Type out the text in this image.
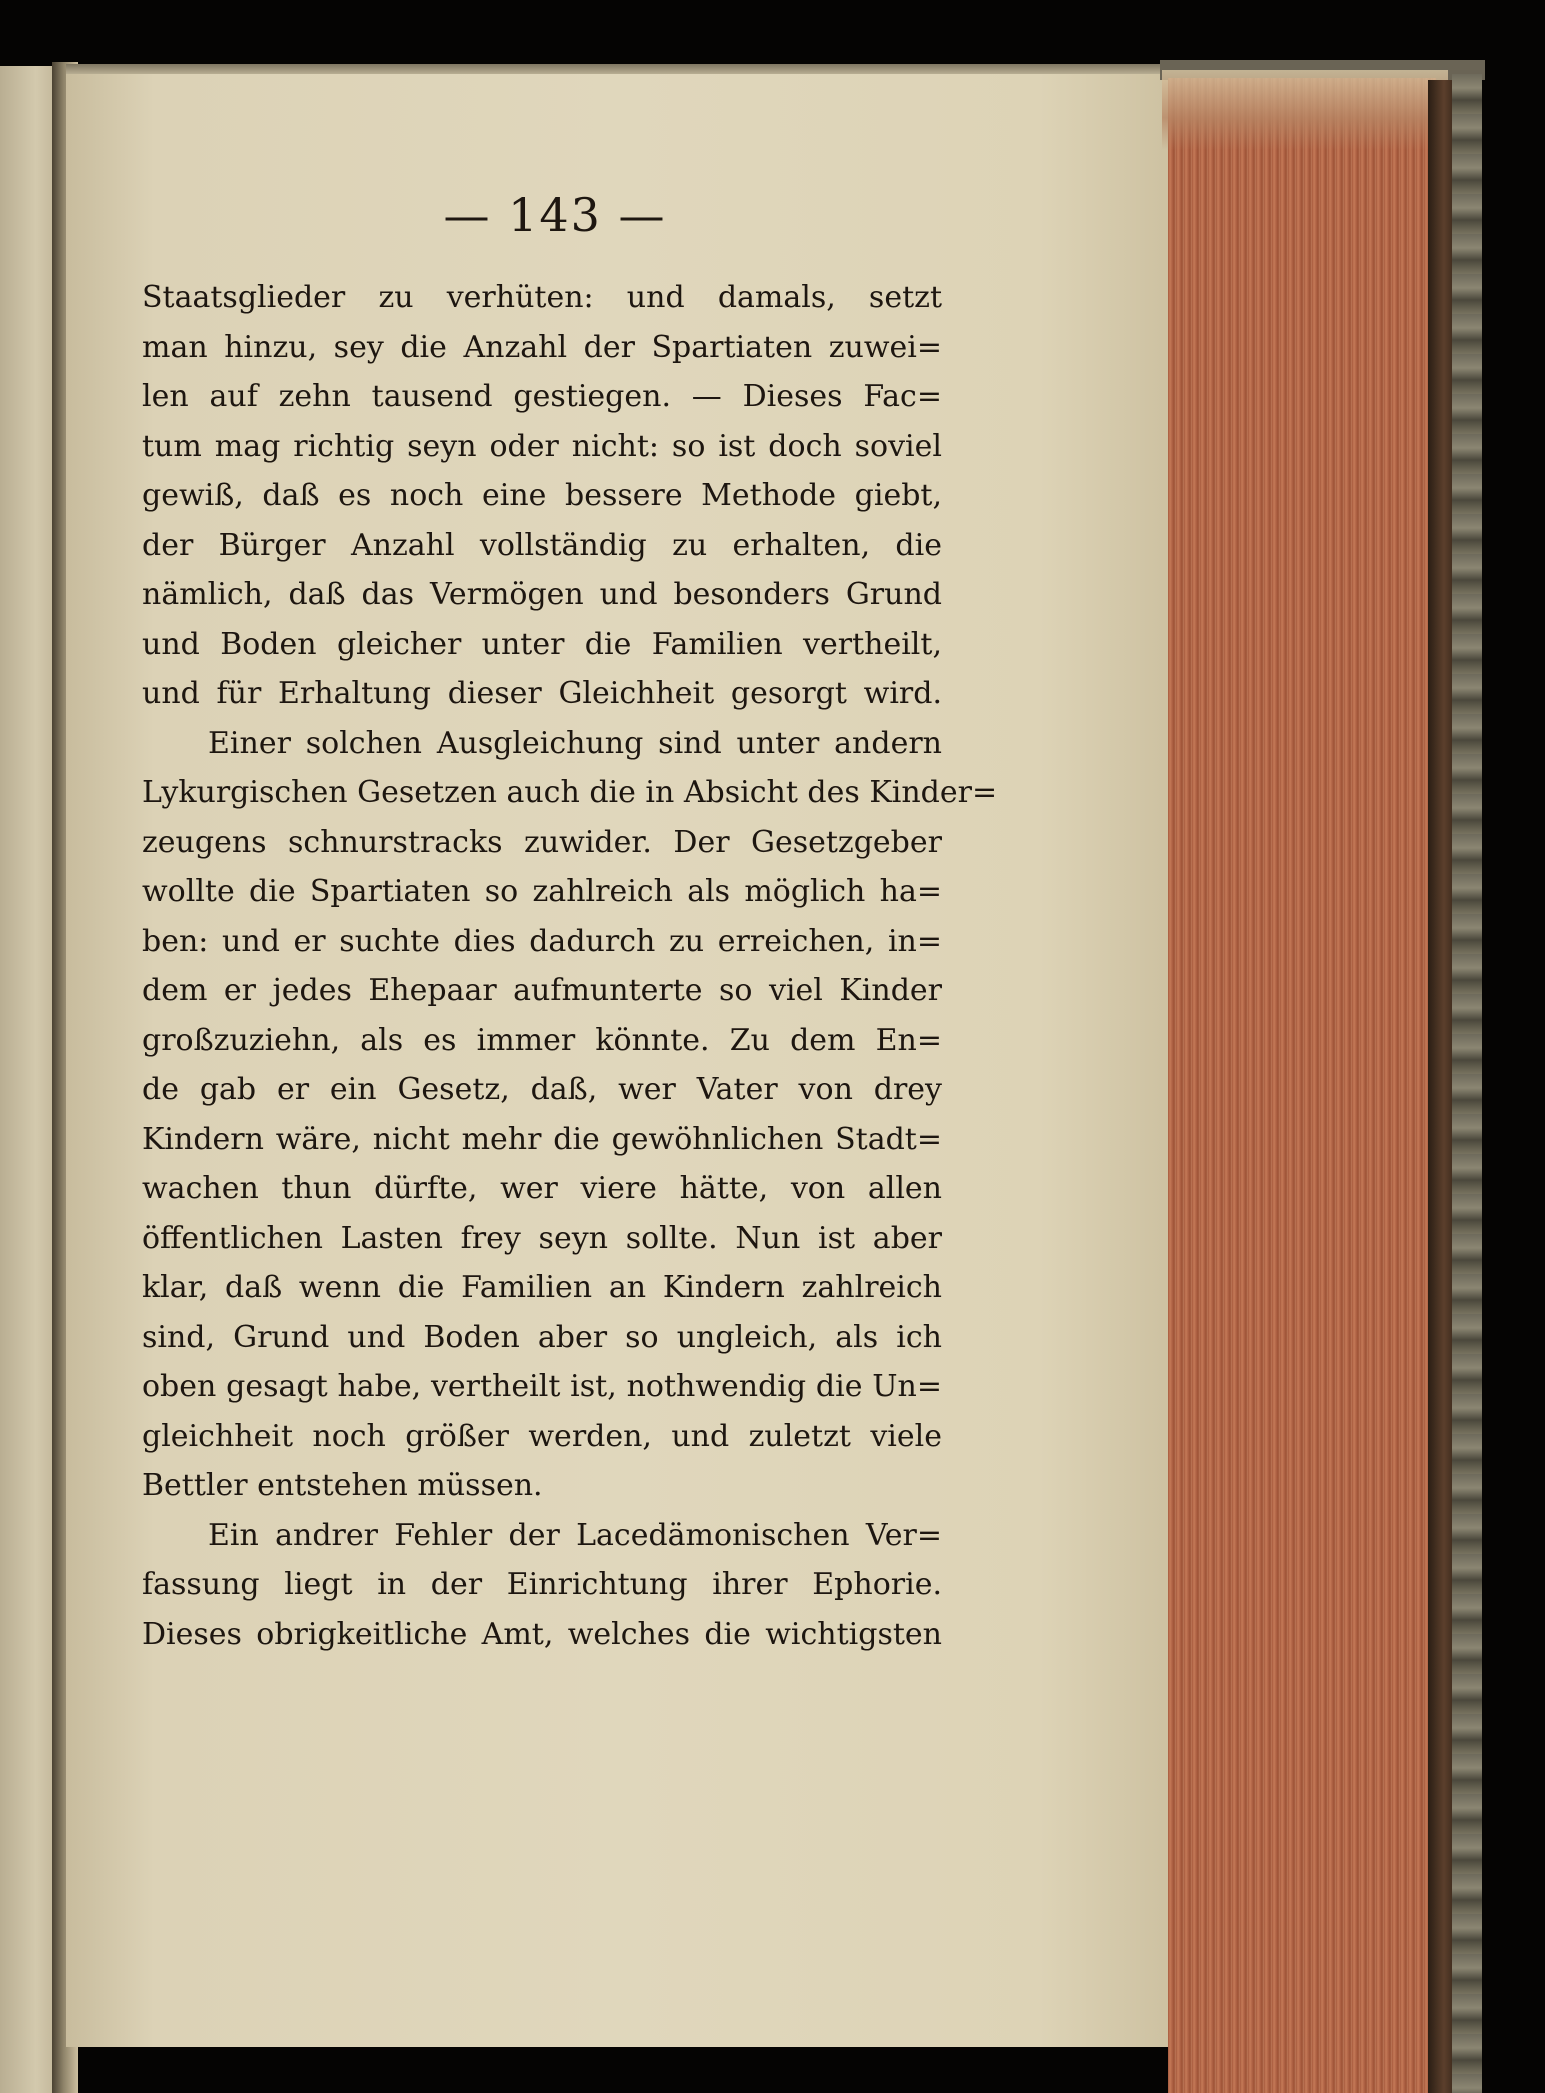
— 143 —
Staatsglieder zu verhüten: und damals, setzt
man hinzu, sey die Anzahl der Spartiaten zuwei=
len auf zehn tausend gestiegen. — Dieses Fac=
tum mag richtig seyn oder nicht: so ist doch soviel
gewiß, daß es noch eine bessere Methode giebt,
der Bürger Anzahl vollständig zu erhalten, die
nämlich, daß das Vermögen und besonders Grund
und Boden gleicher unter die Familien vertheilt,
und für Erhaltung dieser Gleichheit gesorgt wird.
Einer solchen Ausgleichung sind unter andern
Lykurgischen Gesetzen auch die in Absicht des Kinder=
zeugens schnurstracks zuwider. Der Gesetzgeber
wollte die Spartiaten so zahlreich als möglich ha=
ben: und er suchte dies dadurch zu erreichen, in=
dem er jedes Ehepaar aufmunterte so viel Kinder
großzuziehn, als es immer könnte. Zu dem En=
de gab er ein Gesetz, daß, wer Vater von drey
Kindern wäre, nicht mehr die gewöhnlichen Stadt=
wachen thun dürfte, wer viere hätte, von allen
öffentlichen Lasten frey seyn sollte. Nun ist aber
klar, daß wenn die Familien an Kindern zahlreich
sind, Grund und Boden aber so ungleich, als ich
oben gesagt habe, vertheilt ist, nothwendig die Un=
gleichheit noch größer werden, und zuletzt viele
Bettler entstehen müssen.
Ein andrer Fehler der Lacedämonischen Ver=
fassung liegt in der Einrichtung ihrer Ephorie.
Dieses obrigkeitliche Amt, welches die wichtigsten
